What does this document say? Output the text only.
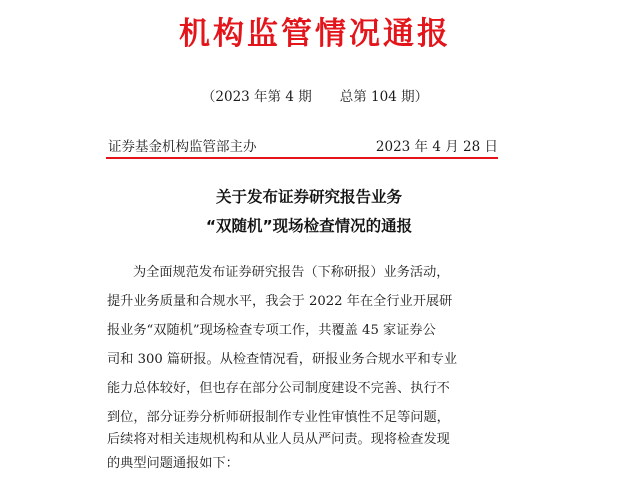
机构监管情况通报
（2023 年第 4 期 总第 104 期）
证券基金机构监管部主办	2023 年 4 月 28 日
关于发布证券研究报告业务
“双随机”现场检查情况的通报
为全面规范发布证券研究报告（下称研报）业务活动，
提升业务质量和合规水平，我会于 2022 年在全行业开展研
报业务“双随机”现场检查专项工作，共覆盖 45 家证券公
司和 300 篇研报。从检查情况看，研报业务合规水平和专业
能力总体较好，但也存在部分公司制度建设不完善、执行不
到位，部分证券分析师研报制作专业性审慎性不足等问题，
后续将对相关违规机构和从业人员从严问责。现将检查发现
的典型问题通报如下：
